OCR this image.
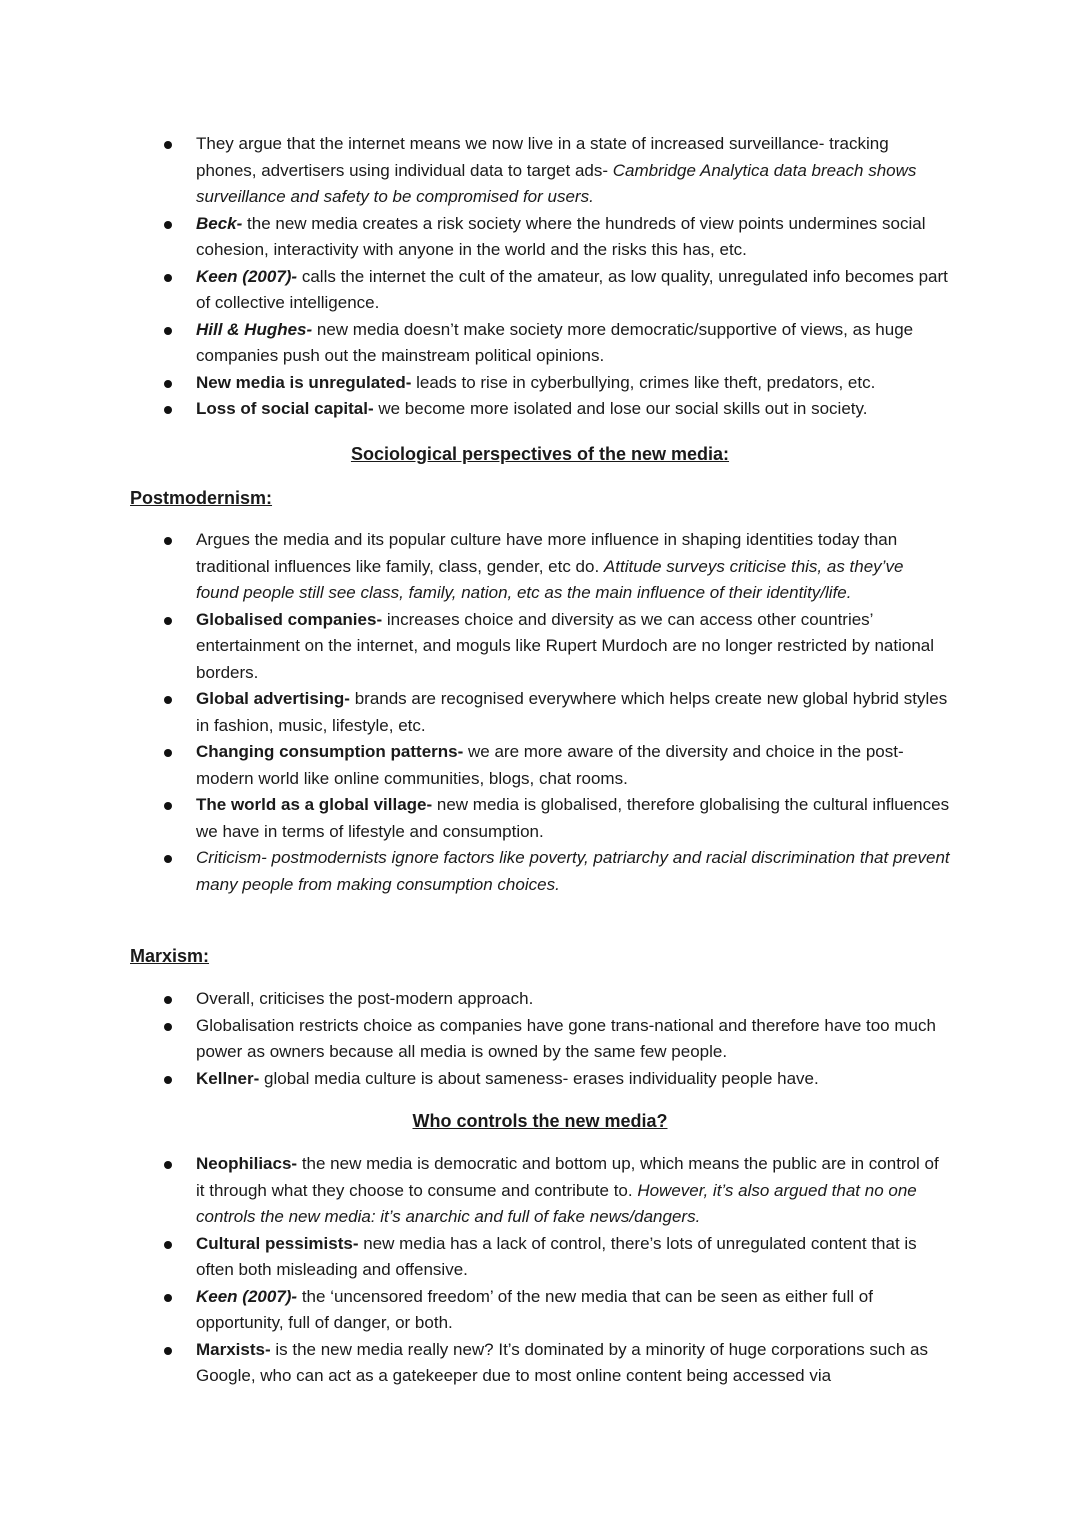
They argue that the internet means we now live in a state of increased surveillance- tracking phones, advertisers using individual data to target ads- Cambridge Analytica data breach shows surveillance and safety to be compromised for users.
Beck- the new media creates a risk society where the hundreds of view points undermines social cohesion, interactivity with anyone in the world and the risks this has, etc.
Keen (2007)- calls the internet the cult of the amateur, as low quality, unregulated info becomes part of collective intelligence.
Hill & Hughes- new media doesn’t make society more democratic/supportive of views, as huge companies push out the mainstream political opinions.
New media is unregulated- leads to rise in cyberbullying, crimes like theft, predators, etc.
Loss of social capital- we become more isolated and lose our social skills out in society.

Sociological perspectives of the new media:

Postmodernism:

Argues the media and its popular culture have more influence in shaping identities today than traditional influences like family, class, gender, etc do. Attitude surveys criticise this, as they’ve found people still see class, family, nation, etc as the main influence of their identity/life.
Globalised companies- increases choice and diversity as we can access other countries’ entertainment on the internet, and moguls like Rupert Murdoch are no longer restricted by national borders.
Global advertising- brands are recognised everywhere which helps create new global hybrid styles in fashion, music, lifestyle, etc.
Changing consumption patterns- we are more aware of the diversity and choice in the post-modern world like online communities, blogs, chat rooms.
The world as a global village- new media is globalised, therefore globalising the cultural influences we have in terms of lifestyle and consumption.
Criticism- postmodernists ignore factors like poverty, patriarchy and racial discrimination that prevent many people from making consumption choices.

Marxism:

Overall, criticises the post-modern approach.
Globalisation restricts choice as companies have gone trans-national and therefore have too much power as owners because all media is owned by the same few people.
Kellner- global media culture is about sameness- erases individuality people have.

Who controls the new media?

Neophiliacs- the new media is democratic and bottom up, which means the public are in control of it through what they choose to consume and contribute to. However, it’s also argued that no one controls the new media: it’s anarchic and full of fake news/dangers.
Cultural pessimists- new media has a lack of control, there’s lots of unregulated content that is often both misleading and offensive.
Keen (2007)- the ‘uncensored freedom’ of the new media that can be seen as either full of opportunity, full of danger, or both.
Marxists- is the new media really new? It’s dominated by a minority of huge corporations such as Google, who can act as a gatekeeper due to most online content being accessed via
